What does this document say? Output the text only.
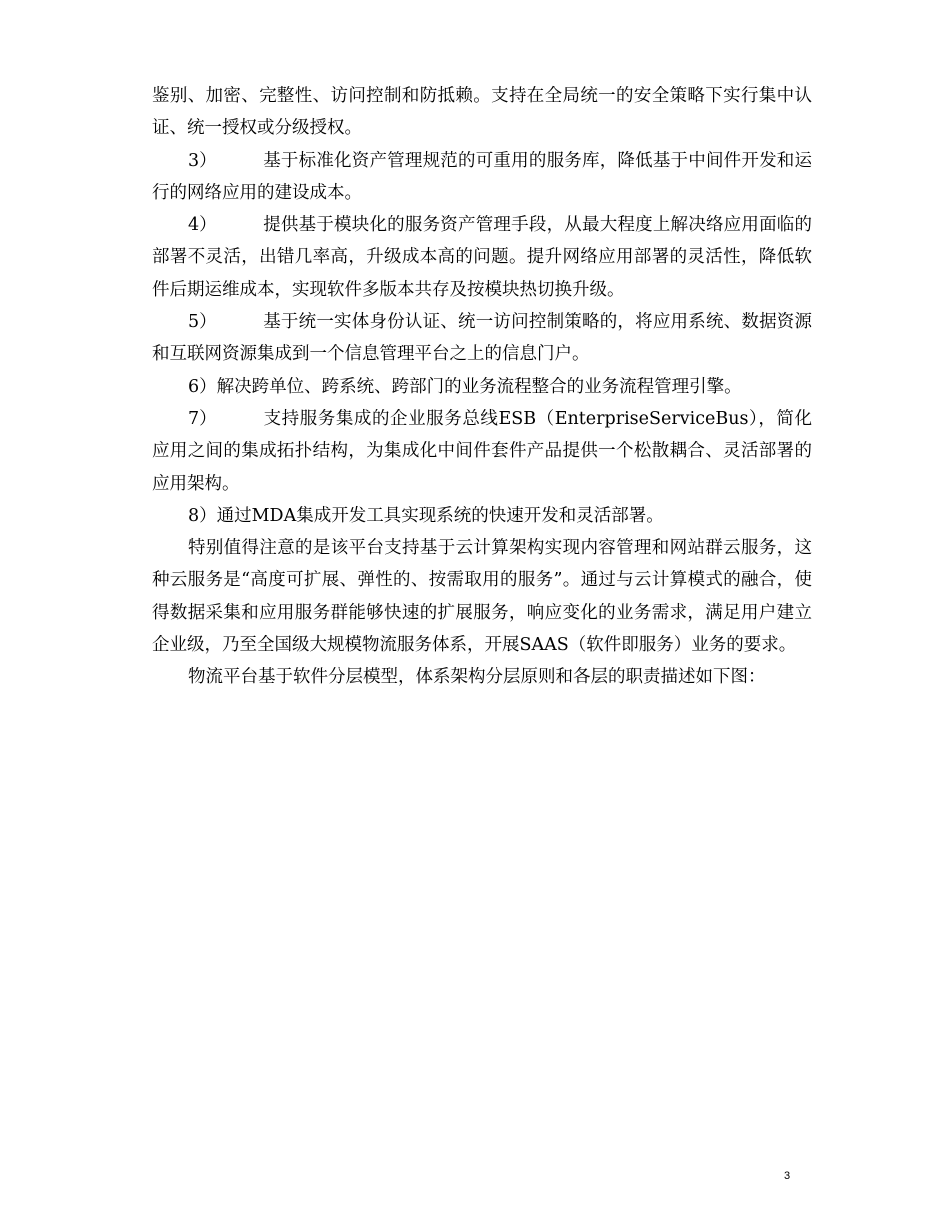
鉴别、加密、完整性、访问控制和防抵赖。支持在全局统一的安全策略下实行集中认证、统一授权或分级授权。

3）	基于标准化资产管理规范的可重用的服务库，降低基于中间件开发和运行的网络应用的建设成本。

4）	提供基于模块化的服务资产管理手段，从最大程度上解决络应用面临的部署不灵活，出错几率高，升级成本高的问题。提升网络应用部署的灵活性，降低软件后期运维成本，实现软件多版本共存及按模块热切换升级。

5）	基于统一实体身份认证、统一访问控制策略的，将应用系统、数据资源和互联网资源集成到一个信息管理平台之上的信息门户。

6）解决跨单位、跨系统、跨部门的业务流程整合的业务流程管理引擎。

7）	支持服务集成的企业服务总线ESB（EnterpriseServiceBus），简化应用之间的集成拓扑结构，为集成化中间件套件产品提供一个松散耦合、灵活部署的应用架构。

8）通过MDA集成开发工具实现系统的快速开发和灵活部署。

特别值得注意的是该平台支持基于云计算架构实现内容管理和网站群云服务，这种云服务是“高度可扩展、弹性的、按需取用的服务”。通过与云计算模式的融合，使得数据采集和应用服务群能够快速的扩展服务，响应变化的业务需求，满足用户建立企业级，乃至全国级大规模物流服务体系，开展SAAS（软件即服务）业务的要求。

物流平台基于软件分层模型，体系架构分层原则和各层的职责描述如下图：

3
